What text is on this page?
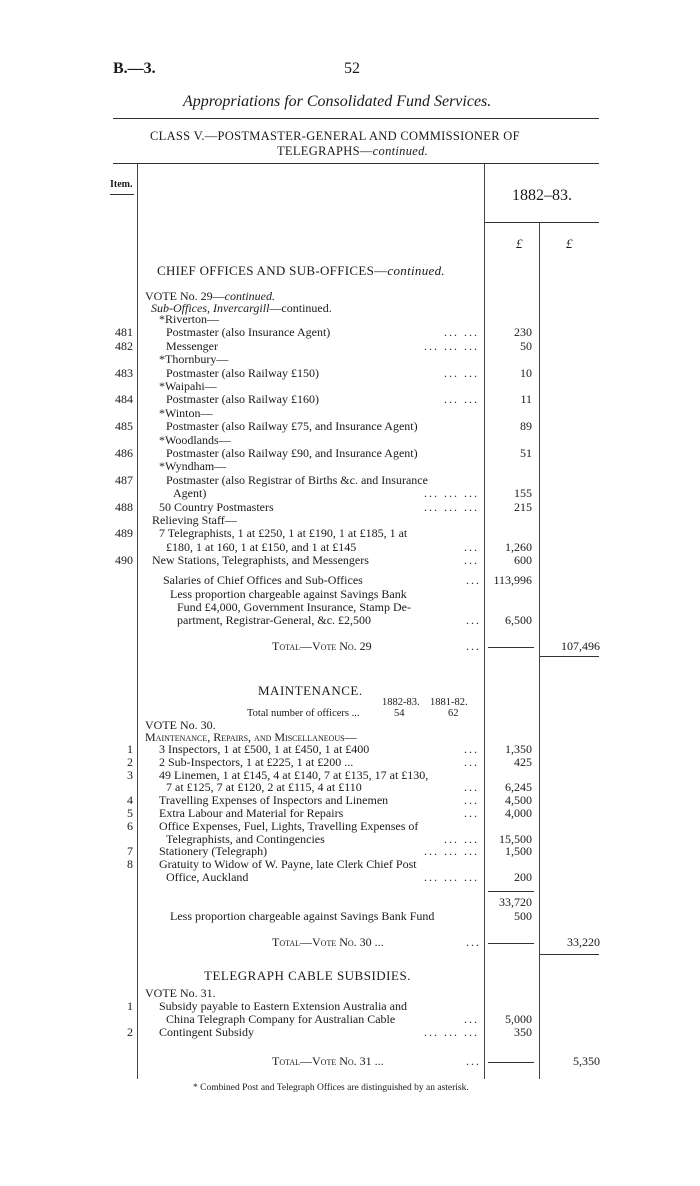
B.—3.	52
Appropriations for Consolidated Fund Services.
CLASS V.—POSTMASTER-GENERAL AND COMMISSIONER OF
TELEGRAPHS—continued.
Item.
1882–83.
£	£
CHIEF OFFICES AND SUB-OFFICES—continued.
VOTE No. 29—continued.
Sub-Offices, Invercargill—continued.
*Riverton—
481	Postmaster (also Insurance Agent)	... ...	230
482	Messenger	... ... ...	50
*Thornbury—
483	Postmaster (also Railway £150)	... ...	10
*Waipahi—
484	Postmaster (also Railway £160)	... ...	11
*Winton—
485	Postmaster (also Railway £75, and Insurance Agent)	89
*Woodlands—
486	Postmaster (also Railway £90, and Insurance Agent)	51
*Wyndham—
487	Postmaster (also Registrar of Births &c. and Insurance
Agent)	... ... ...	155
488 50 Country Postmasters	... ... ...	215
Relieving Staff—
489 7 Telegraphists, 1 at £250, 1 at £190, 1 at £185, 1 at
£180, 1 at 160, 1 at £150, and 1 at £145	... 1,260
490 New Stations, Telegraphists, and Messengers	...	600
Salaries of Chief Offices and Sub-Offices	... 113,996
Less proportion chargeable against Savings Bank
Fund £4,000, Government Insurance, Stamp De-
partment, Registrar-General, &c. £2,500	... 6,500
Total—Vote No. 29	...	107,496
MAINTENANCE.
1882-83. 1881-82.
Total number of officers ...	54	62
VOTE No. 30.
Maintenance, Repairs, and Miscellaneous—
1 3 Inspectors, 1 at £500, 1 at £450, 1 at £400	... 1,350
2 2 Sub-Inspectors, 1 at £225, 1 at £200 ...	...	425
3 49 Linemen, 1 at £145, 4 at £140, 7 at £135, 17 at £130,
7 at £125, 7 at £120, 2 at £115, 4 at £110	... 6,245
4 Travelling Expenses of Inspectors and Linemen	... 4,500
5 Extra Labour and Material for Repairs	... 4,000
6 Office Expenses, Fuel, Lights, Travelling Expenses of
Telegraphists, and Contingencies	... ... 15,500
7 Stationery (Telegraph)	... ... ... 1,500
8 Gratuity to Widow of W. Payne, late Clerk Chief Post
Office, Auckland	... ... ...	200
33,720
Less proportion chargeable against Savings Bank Fund	500
Total—Vote No. 30 ...	...	33,220
TELEGRAPH CABLE SUBSIDIES.
VOTE No. 31.
1 Subsidy payable to Eastern Extension Australia and
China Telegraph Company for Australian Cable	... 5,000
2 Contingent Subsidy	... ... ...	350
Total—Vote No. 31 ...	...	5,350
* Combined Post and Telegraph Offices are distinguished by an asterisk.
